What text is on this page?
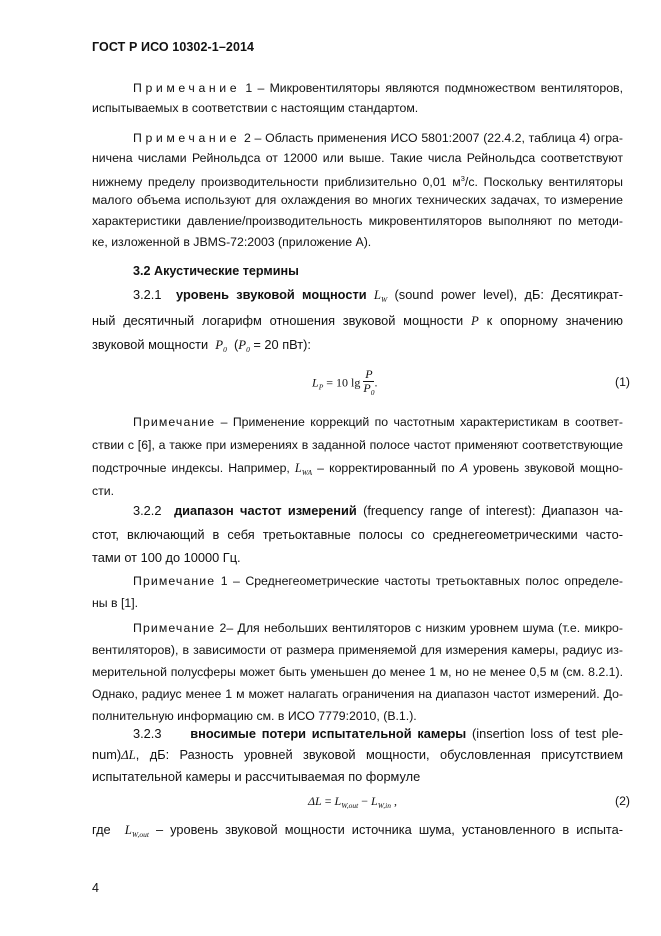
ГОСТ Р ИСО 10302-1–2014
Примечание 1 – Микровентиляторы являются подмножеством вентиляторов,
испытываемых в соответствии с настоящим стандартом.
Примечание 2 – Область применения ИСО 5801:2007 (22.4.2, таблица 4) огра-
ничена числами Рейнольдса от 12000 или выше. Такие числа Рейнольдса соответствуют
нижнему пределу производительности приблизительно 0,01 $м^3/с$. Поскольку вентиляторы
малого объема используют для охлаждения во многих технических задачах, то измерение
характеристики давление/производительность микровентиляторов выполняют по методи-
ке, изложенной в JBMS-72:2003 (приложение А).
3.2 Акустические термины
3.2.1 уровень звуковой мощности $L_W$ (sound power level), дБ: Десятикрат-
ный десятичный логарифм отношения звуковой мощности P к опорному значению
звуковой мощности $P_0$ ($P_0 = 20$ пВт):
$L_P = 10$ $\lg \frac{P}{P_0}$ .	(1)
Примечание – Применение коррекций по частотным характеристикам в соответ-
ствии с [6], а также при измерениях в заданной полосе частот применяют соответствующие
подстрочные индексы. Например, $L_{WA}$ – корректированный по А уровень звуковой мощно-
сти.
3.2.2 диапазон частот измерений (frequency range of interest): Диапазон ча-
стот, включающий в себя третьоктавные полосы со среднегеометрическими часто-
тами от 100 до 10000 Гц.
Примечание 1 – Среднегеометрические частоты третьоктавных полос определе-
ны в [1].
Примечание 2– Для небольших вентиляторов с низким уровнем шума (т.е. микро-
вентиляторов), в зависимости от размера применяемой для измерения камеры, радиус из-
мерительной полусферы может быть уменьшен до менее 1 м, но не менее 0,5 м (см. 8.2.1).
Однако, радиус менее 1 м может налагать ограничения на диапазон частот измерений. До-
полнительную информацию см. в ИСО 7779:2010, (В.1.).
3.2.3 вносимые потери испытательной камеры (insertion loss of test ple-
num)ΔL, дБ: Разность уровней звуковой мощности, обусловленная присутствием
испытательной камеры и рассчитываемая по формуле
$\Delta L = L_{W,out} - L_{W,in}$ ,	(2)
где $L_{W,out}$ – уровень звуковой мощности источника шума, установленного в испыта-
4
